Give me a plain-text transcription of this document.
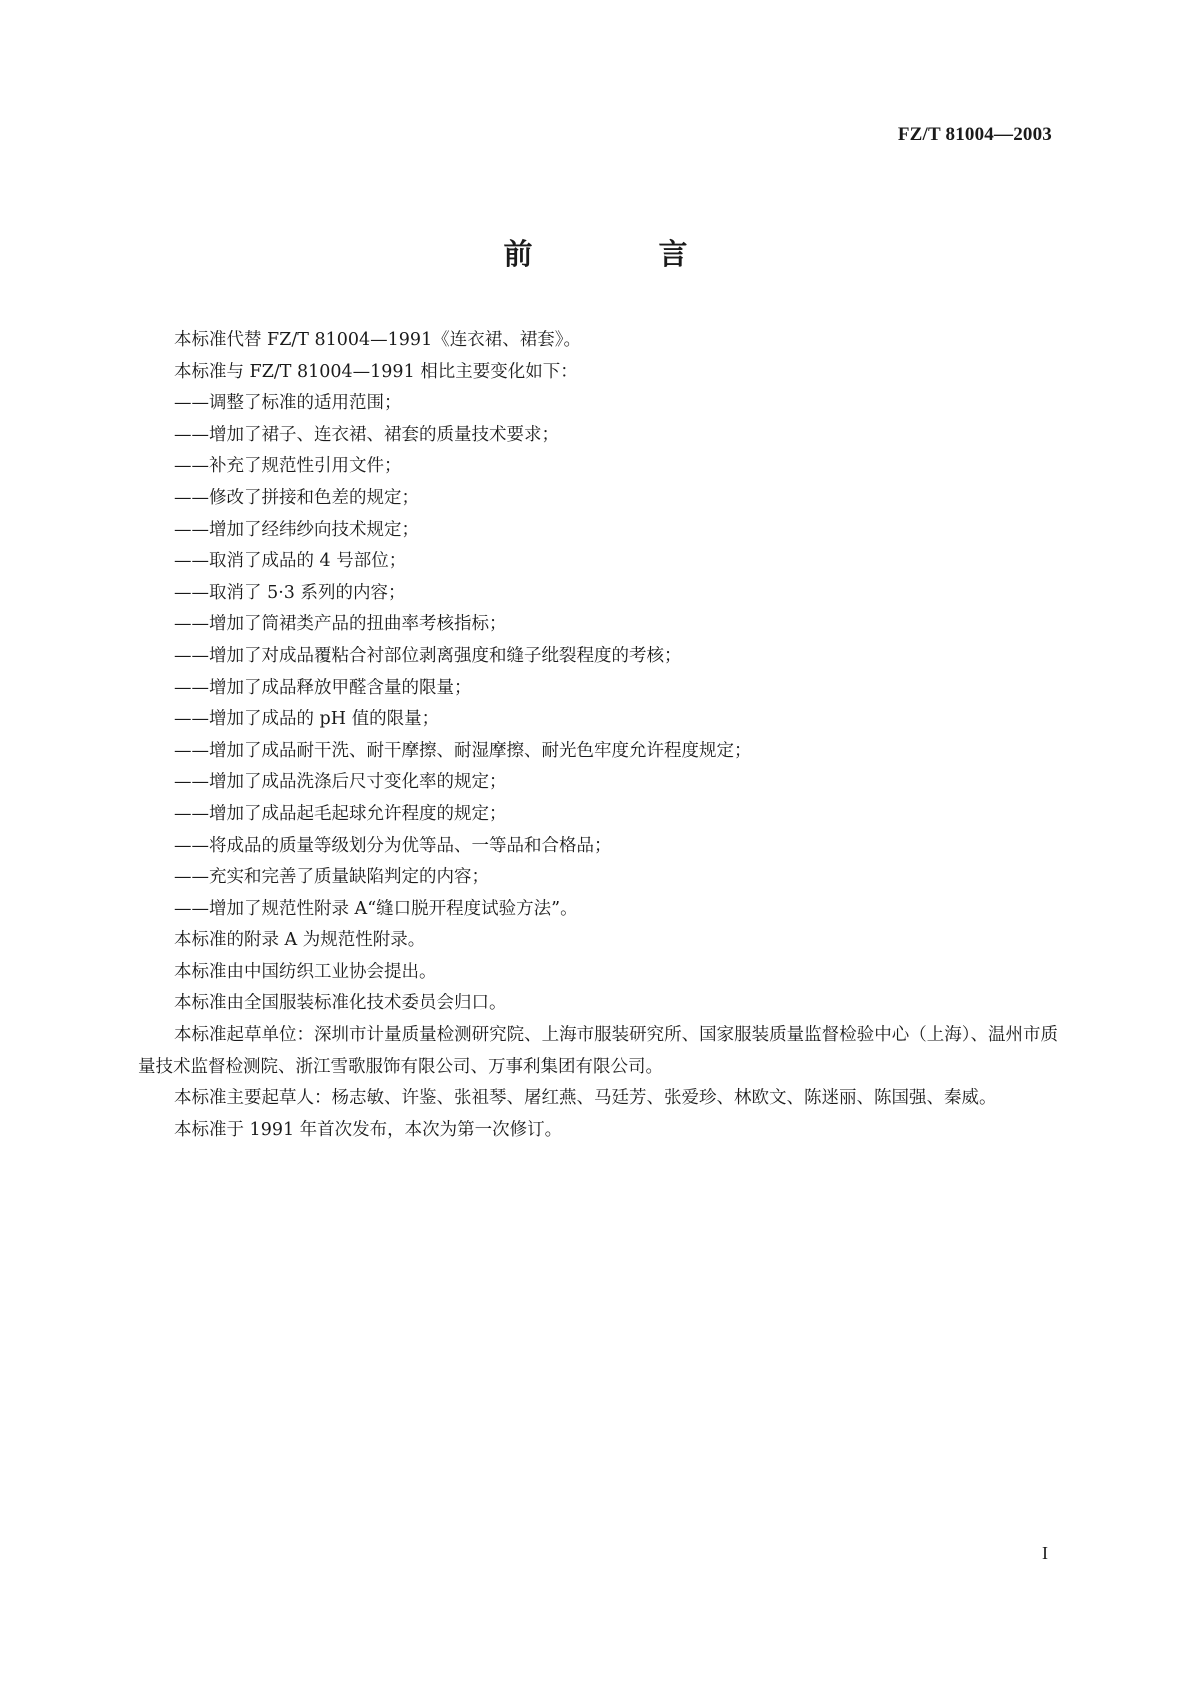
FZ/T 81004—2003
前 言

本标准代替 FZ/T 81004—1991《连衣裙、裙套》。

本标准与 FZ/T 81004—1991 相比主要变化如下：

——调整了标准的适用范围；

——增加了裙子、连衣裙、裙套的质量技术要求；

——补充了规范性引用文件；

——修改了拼接和色差的规定；

——增加了经纬纱向技术规定；

——取消了成品的 4 号部位；

——取消了 5·3 系列的内容；

——增加了筒裙类产品的扭曲率考核指标；

——增加了对成品覆粘合衬部位剥离强度和缝子纰裂程度的考核；

——增加了成品释放甲醛含量的限量；

——增加了成品的 pH 值的限量；

——增加了成品耐干洗、耐干摩擦、耐湿摩擦、耐光色牢度允许程度规定；

——增加了成品洗涤后尺寸变化率的规定；

——增加了成品起毛起球允许程度的规定；

——将成品的质量等级划分为优等品、一等品和合格品；

——充实和完善了质量缺陷判定的内容；

——增加了规范性附录 A“缝口脱开程度试验方法”。

本标准的附录 A 为规范性附录。

本标准由中国纺织工业协会提出。

本标准由全国服装标准化技术委员会归口。

本标准起草单位：深圳市计量质量检测研究院、上海市服装研究所、国家服装质量监督检验中心（上海）、温州市质量技术监督检测院、浙江雪歌服饰有限公司、万事利集团有限公司。

本标准主要起草人：杨志敏、许鉴、张祖琴、屠红燕、马廷芳、张爱珍、林欧文、陈迷丽、陈国强、秦威。

本标准于 1991 年首次发布，本次为第一次修订。

I
